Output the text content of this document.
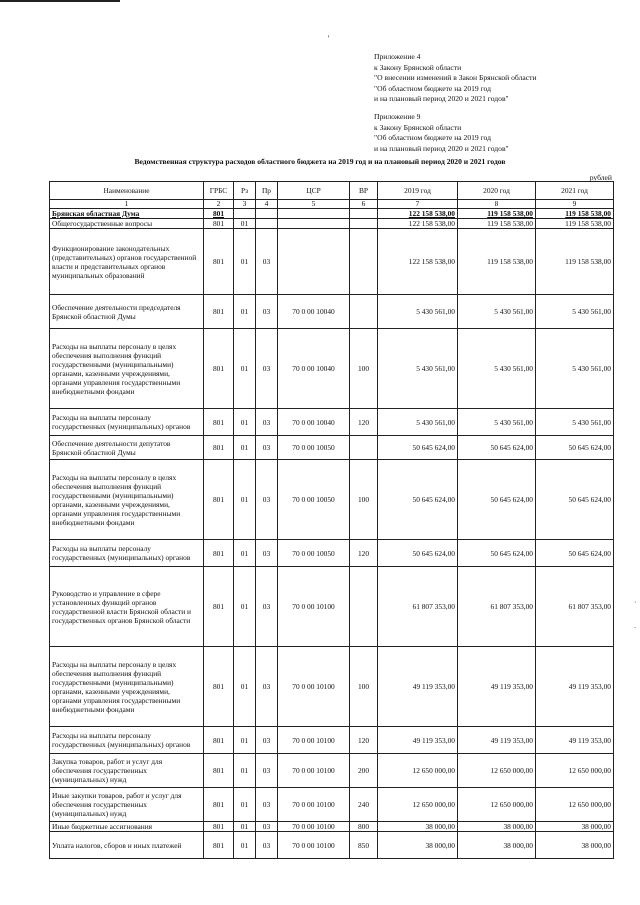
'
Приложение 4
к Закону Брянской области
"О внесении изменений в Закон Брянской области
"Об областном бюджете на 2019 год
и на плановый период 2020 и 2021 годов"
Приложение 9
к Закону Брянской области
"Об областном бюджете на 2019 год
и на плановый период 2020 и 2021 годов"
Ведомственная структура расходов областного бюджета на 2019 год и на плановый период 2020 и 2021 годов
рублей
Наименование	ГРБС	Рз	Пр	ЦСР	ВР	2019 год	2020 год	2021 год
1	2	3	4	5	6	7	8	9
Брянская областная Дума	801					122 158 538,00	119 158 538,00	119 158 538,00
Общегосударственные вопросы	801	01				122 158 538,00	119 158 538,00	119 158 538,00
Функционирование законодательных (представительных) органов государственной власти и представительных органов муниципальных образований	801	01	03			122 158 538,00	119 158 538,00	119 158 538,00
Обеспечение деятельности председателя Брянской областной Думы	801	01	03	70 0 00 10040		5 430 561,00	5 430 561,00	5 430 561,00
Расходы на выплаты персоналу в целях обеспечения выполнения функций государственными (муниципальными) органами, казенными учреждениями, органами управления государственными внебюджетными фондами	801	01	03	70 0 00 10040	100	5 430 561,00	5 430 561,00	5 430 561,00
Расходы на выплаты персоналу государственных (муниципальных) органов	801	01	03	70 0 00 10040	120	5 430 561,00	5 430 561,00	5 430 561,00
Обеспечение деятельности депутатов Брянской областной Думы	801	01	03	70 0 00 10050		50 645 624,00	50 645 624,00	50 645 624,00
Расходы на выплаты персоналу в целях обеспечения выполнения функций государственными (муниципальными) органами, казенными учреждениями, органами управления государственными внебюджетными фондами	801	01	03	70 0 00 10050	100	50 645 624,00	50 645 624,00	50 645 624,00
Расходы на выплаты персоналу государственных (муниципальных) органов	801	01	03	70 0 00 10050	120	50 645 624,00	50 645 624,00	50 645 624,00
Руководство и управление в сфере установленных функций органов государственной власти Брянской области и государственных органов Брянской области	801	01	03	70 0 00 10100		61 807 353,00	61 807 353,00	61 807 353,00
Расходы на выплаты персоналу в целях обеспечения выполнения функций государственными (муниципальными) органами, казенными учреждениями, органами управления государственными внебюджетными фондами	801	01	03	70 0 00 10100	100	49 119 353,00	49 119 353,00	49 119 353,00
Расходы на выплаты персоналу государственных (муниципальных) органов	801	01	03	70 0 00 10100	120	49 119 353,00	49 119 353,00	49 119 353,00
Закупка товаров, работ и услуг для обеспечения государственных (муниципальных) нужд	801	01	03	70 0 00 10100	200	12 650 000,00	12 650 000,00	12 650 000,00
Иные закупки товаров, работ и услуг для обеспечения государственных (муниципальных) нужд	801	01	03	70 0 00 10100	240	12 650 000,00	12 650 000,00	12 650 000,00
Иные бюджетные ассигнования	801	01	03	70 0 00 10100	800	38 000,00	38 000,00	38 000,00
Уплата налогов, сборов и иных платежей	801	01	03	70 0 00 10100	850	38 000,00	38 000,00	38 000,00
,
-
